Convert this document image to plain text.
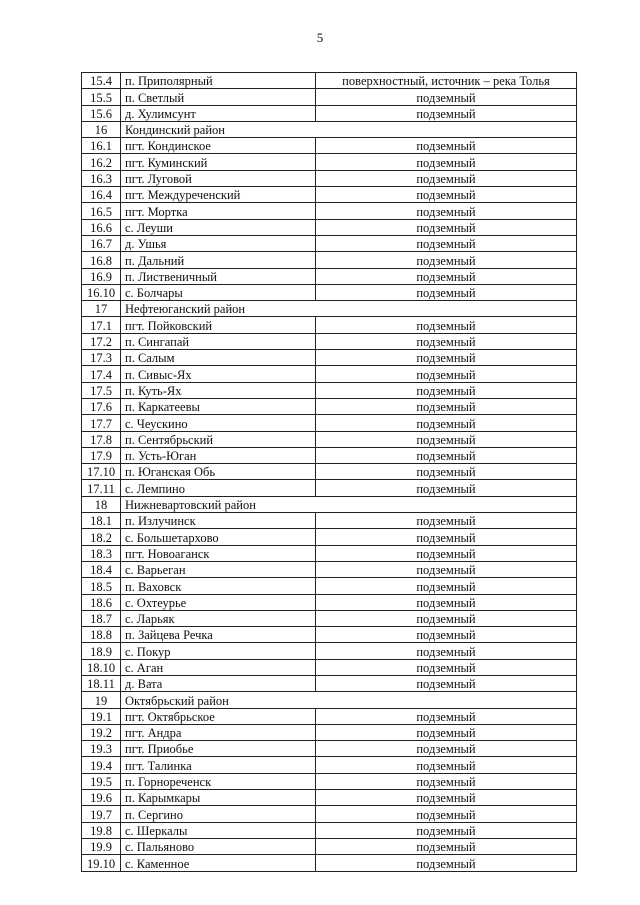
5
15.4	п. Приполярный	поверхностный, источник – река Толья
15.5	п. Светлый	подземный
15.6	д. Хулимсунт	подземный
16	Кондинский район	
16.1	пгт. Кондинское	подземный
16.2	пгт. Куминский	подземный
16.3	пгт. Луговой	подземный
16.4	пгт. Междуреченский	подземный
16.5	пгт. Мортка	подземный
16.6	с. Леуши	подземный
16.7	д. Ушья	подземный
16.8	п. Дальний	подземный
16.9	п. Лиственичный	подземный
16.10	с. Болчары	подземный
17	Нефтеюганский район	
17.1	пгт. Пойковский	подземный
17.2	п. Сингапай	подземный
17.3	п. Салым	подземный
17.4	п. Сивыс-Ях	подземный
17.5	п. Куть-Ях	подземный
17.6	п. Каркатеевы	подземный
17.7	с. Чеускино	подземный
17.8	п. Сентябрьский	подземный
17.9	п. Усть-Юган	подземный
17.10	п. Юганская Обь	подземный
17.11	с. Лемпино	подземный
18	Нижневартовский район	
18.1	п. Излучинск	подземный
18.2	с. Большетархово	подземный
18.3	пгт. Новоаганск	подземный
18.4	с. Варьеган	подземный
18.5	п. Ваховск	подземный
18.6	с. Охтеурье	подземный
18.7	с. Ларьяк	подземный
18.8	п. Зайцева Речка	подземный
18.9	с. Покур	подземный
18.10	с. Аган	подземный
18.11	д. Вата	подземный
19	Октябрьский район	
19.1	пгт. Октябрьское	подземный
19.2	пгт. Андра	подземный
19.3	пгт. Приобье	подземный
19.4	пгт. Талинка	подземный
19.5	п. Горнореченск	подземный
19.6	п. Карымкары	подземный
19.7	п. Сергино	подземный
19.8	с. Шеркалы	подземный
19.9	с. Пальяново	подземный
19.10	с. Каменное	подземный
